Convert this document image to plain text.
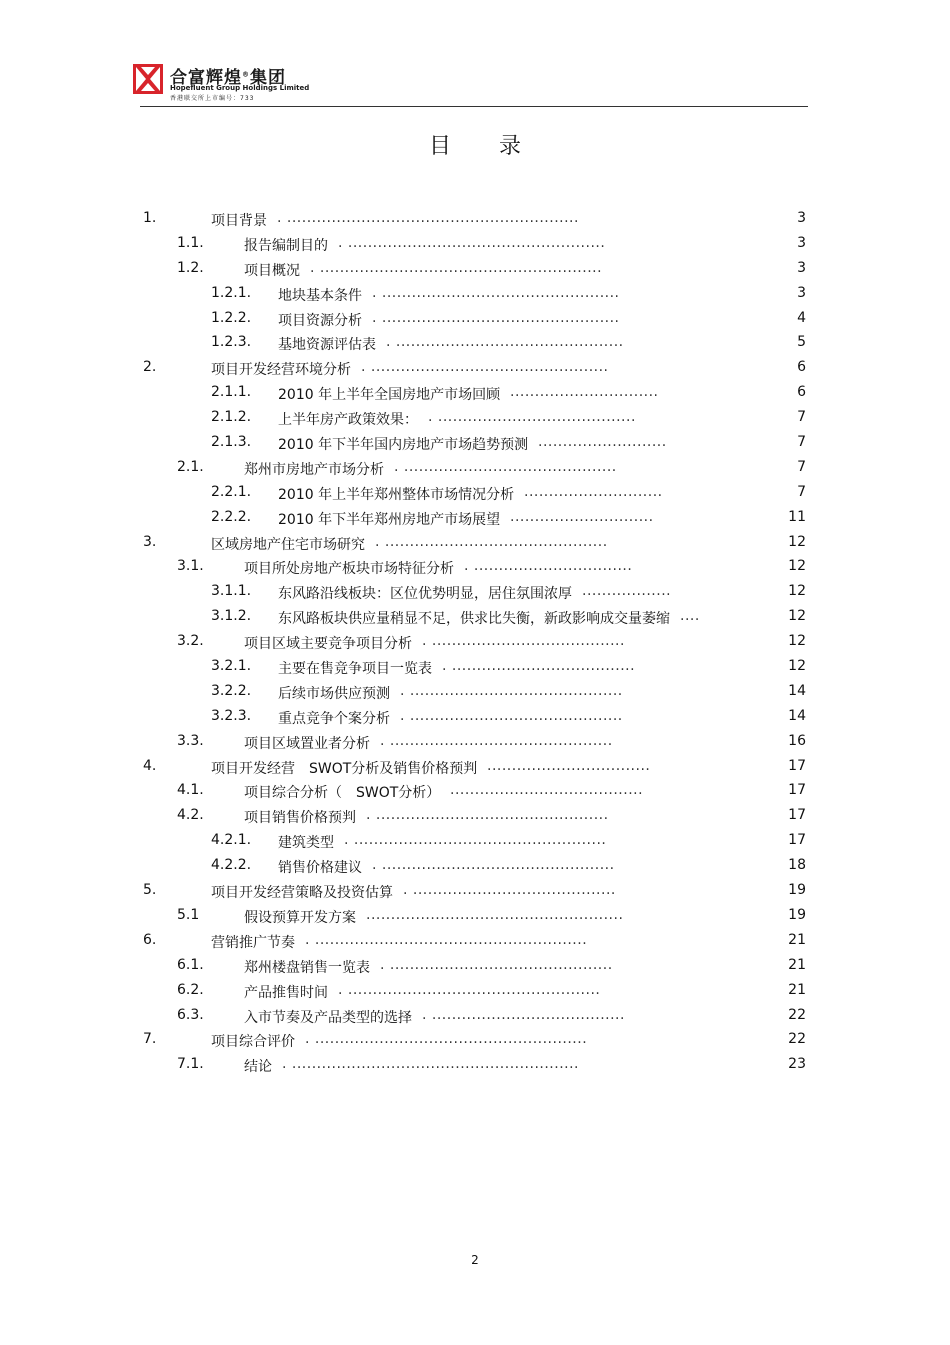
合富辉煌®集团
Hopefluent Group Holdings Limited
香港联交所上市编号：733
目录
1.	项目背景 . ...........................................................	3
1.1.	报告编制目的 . ....................................................	3
1.2.	项目概况 . .........................................................	3
1.2.1. 地块基本条件 . ................................................	3
1.2.2. 项目资源分析 . ................................................	4
1.2.3. 基地资源评估表 . ..............................................	5
2.	项目开发经营环境分析 . ................................................	6
2.1.1. 2010 年上半年全国房地产市场回顾 ..............................	6
2.1.2. 上半年房产政策效果： . ........................................	7
2.1.3. 2010 年下半年国内房地产市场趋势预测 ..........................	7
2.1.	郑州市房地产市场分析 . ...........................................	7
2.2.1. 2010 年上半年郑州整体市场情况分析 ............................	7
2.2.2. 2010 年下半年郑州房地产市场展望 .............................	11
3.	区域房地产住宅市场研究 . .............................................	12
3.1.	项目所处房地产板块市场特征分析 . ................................	12
3.1.1. 东风路沿线板块：区位优势明显，居住氛围浓厚 ..................	12
3.1.2. 东风路板块供应量稍显不足，供求比失衡，新政影响成交量萎缩 ....	12
3.2.	项目区域主要竞争项目分析 . .......................................	12
3.2.1. 主要在售竞争项目一览表 . .....................................	12
3.2.2. 后续市场供应预测 . ...........................................	14
3.2.3. 重点竞争个案分析 . ...........................................	14
3.3.	项目区域置业者分析 . .............................................	16
4.	项目开发经营　SWOT分析及销售价格预判 .................................	17
4.1.	项目综合分析（　SWOT分析） .......................................	17
4.2.	项目销售价格预判 . ...............................................	17
4.2.1. 建筑类型 . ...................................................	17
4.2.2. 销售价格建议 . ...............................................	18
5.	项目开发经营策略及投资估算 . .........................................	19
5.1	假设预算开发方案 ....................................................	19
6.	营销推广节奏 . .......................................................	21
6.1.	郑州楼盘销售一览表 . .............................................	21
6.2.	产品推售时间 . ...................................................	21
6.3.	入市节奏及产品类型的选择 . .......................................	22
7.	项目综合评价 . .......................................................	22
7.1.	结论 . ..........................................................	23
2
